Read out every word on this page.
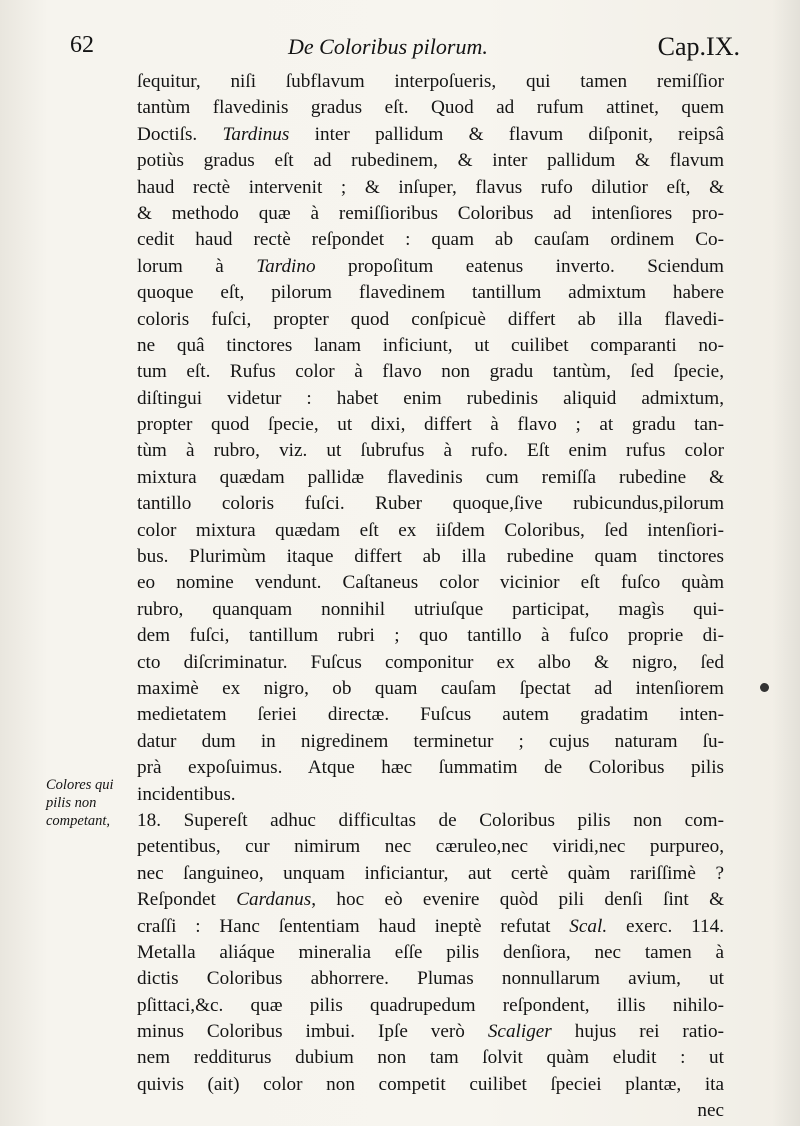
62	De Coloribus pilorum.	Cap.IX.
ſequitur, niſi ſubflavum interpoſueris, qui tamen remiſſior
tantùm flavedinis gradus eſt. Quod ad rufum attinet, quem
Doctiſs. Tardinus inter pallidum & flavum diſponit, reipsâ
potiùs gradus eſt ad rubedinem, & inter pallidum & flavum
haud rectè intervenit ; & inſuper, flavus rufo dilutior eſt, &
& methodo quæ à remiſſioribus Coloribus ad intenſiores pro-
cedit haud rectè reſpondet : quam ab cauſam ordinem Co-
lorum à Tardino propoſitum eatenus inverto. Sciendum
quoque eſt, pilorum flavedinem tantillum admixtum habere
coloris fuſci, propter quod conſpicuè differt ab illa flavedi-
ne quâ tinctores lanam inficiunt, ut cuilibet comparanti no-
tum eſt. Rufus color à flavo non gradu tantùm, ſed ſpecie,
diſtingui videtur : habet enim rubedinis aliquid admixtum,
propter quod ſpecie, ut dixi, differt à flavo ; at gradu tan-
tùm à rubro, viz. ut ſubrufus à rufo. Eſt enim rufus color
mixtura quædam pallidæ flavedinis cum remiſſa rubedine &
tantillo coloris fuſci. Ruber quoque,ſive rubicundus,pilorum
color mixtura quædam eſt ex iiſdem Coloribus, ſed intenſiori-
bus. Plurimùm itaque differt ab illa rubedine quam tinctores
eo nomine vendunt. Caſtaneus color vicinior eſt fuſco quàm
rubro, quanquam nonnihil utriuſque participat, magìs qui-
dem fuſci, tantillum rubri ; quo tantillo à fuſco proprie di-
cto diſcriminatur. Fuſcus componitur ex albo & nigro, ſed
maximè ex nigro, ob quam cauſam ſpectat ad intenſiorem
medietatem ſeriei directæ. Fuſcus autem gradatim inten-
datur dum in nigredinem terminetur ; cujus naturam ſu-
prà expoſuimus. Atque hæc ſummatim de Coloribus pilis
incidentibus.
18. Supereſt adhuc difficultas de Coloribus pilis non com-
petentibus, cur nimirum nec cæruleo,nec viridi,nec purpureo,
nec ſanguineo, unquam inficiantur, aut certè quàm rariſſimè ?
Reſpondet Cardanus, hoc eò evenire quòd pili denſi ſint &
craſſi : Hanc ſententiam haud ineptè refutat Scal. exerc. 114.
Metalla aliáque mineralia eſſe pilis denſiora, nec tamen à
dictis Coloribus abhorrere. Plumas nonnullarum avium, ut
pſittaci,&c. quæ pilis quadrupedum reſpondent, illis nihilo-
minus Coloribus imbui. Ipſe verò Scaliger hujus rei ratio-
nem redditurus dubium non tam ſolvit quàm eludit : ut
quivis (ait) color non competit cuilibet ſpeciei plantæ, ita
nec
Colores qui
pilis non
competant,
